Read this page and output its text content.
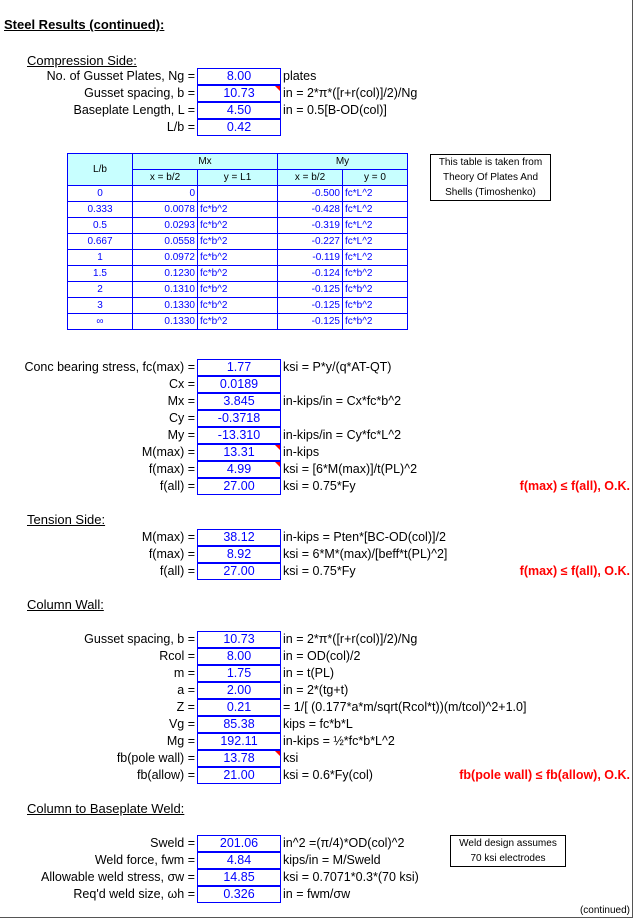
Steel Results (continued):
Compression Side:
No. of Gusset Plates, Ng =	8.00	plates
Gusset spacing, b =	10.73	in = 2*π*([r+r(col)]/2)/Ng
Baseplate Length, L =	4.50	in = 0.5[B-OD(col)]
L/b =	0.42
L/b	Mx		My	
	x = b/2	y = L1	x = b/2	y = 0
0	0		-0.500	fc*L^2
0.333	0.0078	fc*b^2	-0.428	fc*L^2
0.5	0.0293	fc*b^2	-0.319	fc*L^2
0.667	0.0558	fc*b^2	-0.227	fc*L^2
1	0.0972	fc*b^2	-0.119	fc*L^2
1.5	0.1230	fc*b^2	-0.124	fc*b^2
2	0.1310	fc*b^2	-0.125	fc*b^2
3	0.1330	fc*b^2	-0.125	fc*b^2
∞	0.1330	fc*b^2	-0.125	fc*b^2
This table is taken from
Theory Of Plates And
Shells (Timoshenko)
Conc bearing stress, fc(max) =	1.77	ksi = P*y/(q*AT-QT)
Cx =	0.0189
Mx =	3.845	in-kips/in = Cx*fc*b^2
Cy =	-0.3718
My =	-13.310	in-kips/in = Cy*fc*L^2
M(max) =	13.31	in-kips
f(max) =	4.99	ksi = [6*M(max)]/t(PL)^2
f(all) =	27.00	ksi = 0.75*Fy	f(max) ≤ f(all), O.K.
Tension Side:
M(max) =	38.12	in-kips = Pten*[BC-OD(col)]/2
f(max) =	8.92	ksi = 6*M*(max)/[beff*t(PL)^2]
f(all) =	27.00	ksi = 0.75*Fy	f(max) ≤ f(all), O.K.
Column Wall:
Gusset spacing, b =	10.73	in = 2*π*([r+r(col)]/2)/Ng
Rcol =	8.00	in = OD(col)/2
m =	1.75	in = t(PL)
a =	2.00	in = 2*(tg+t)
Z =	0.21	= 1/[ (0.177*a*m/sqrt(Rcol*t))(m/tcol)^2+1.0]
Vg =	85.38	kips = fc*b*L
Mg =	192.11	in-kips = ½*fc*b*L^2
fb(pole wall) =	13.78	ksi
fb(allow) =	21.00	ksi = 0.6*Fy(col)	fb(pole wall) ≤ fb(allow), O.K.
Column to Baseplate Weld:
Sweld =	201.06	in^2 =(π/4)*OD(col)^2
Weld force, fwm =	4.84	kips/in = M/Sweld
Allowable weld stress, σw =	14.85	ksi = 0.7071*0.3*(70 ksi)
Req'd weld size, ωh =	0.326	in = fwm/σw
Weld design assumes
70 ksi electrodes
(continued)
